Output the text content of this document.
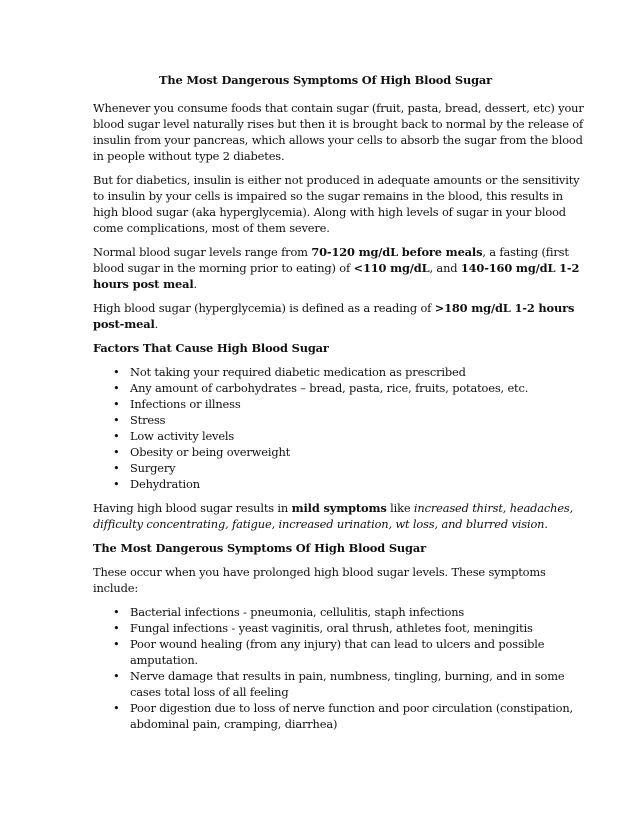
The Most Dangerous Symptoms Of High Blood Sugar

Whenever you consume foods that contain sugar (fruit, pasta, bread, dessert, etc) your blood sugar level naturally rises but then it is brought back to normal by the release of insulin from your pancreas, which allows your cells to absorb the sugar from the blood in people without type 2 diabetes.

But for diabetics, insulin is either not produced in adequate amounts or the sensitivity to insulin by your cells is impaired so the sugar remains in the blood, this results in high blood sugar (aka hyperglycemia). Along with high levels of sugar in your blood come complications, most of them severe.

Normal blood sugar levels range from 70-120 mg/dL before meals, a fasting (first blood sugar in the morning prior to eating) of <110 mg/dL, and 140-160 mg/dL 1-2 hours post meal.

High blood sugar (hyperglycemia) is defined as a reading of >180 mg/dL 1-2 hours post-meal.

Factors That Cause High Blood Sugar
• Not taking your required diabetic medication as prescribed
• Any amount of carbohydrates – bread, pasta, rice, fruits, potatoes, etc.
• Infections or illness
• Stress
• Low activity levels
• Obesity or being overweight
• Surgery
• Dehydration

Having high blood sugar results in mild symptoms like increased thirst, headaches, difficulty concentrating, fatigue, increased urination, wt loss, and blurred vision.

The Most Dangerous Symptoms Of High Blood Sugar

These occur when you have prolonged high blood sugar levels. These symptoms include:

• Bacterial infections - pneumonia, cellulitis, staph infections
• Fungal infections - yeast vaginitis, oral thrush, athletes foot, meningitis
• Poor wound healing (from any injury) that can lead to ulcers and possible amputation.
• Nerve damage that results in pain, numbness, tingling, burning, and in some cases total loss of all feeling
• Poor digestion due to loss of nerve function and poor circulation (constipation, abdominal pain, cramping, diarrhea)
